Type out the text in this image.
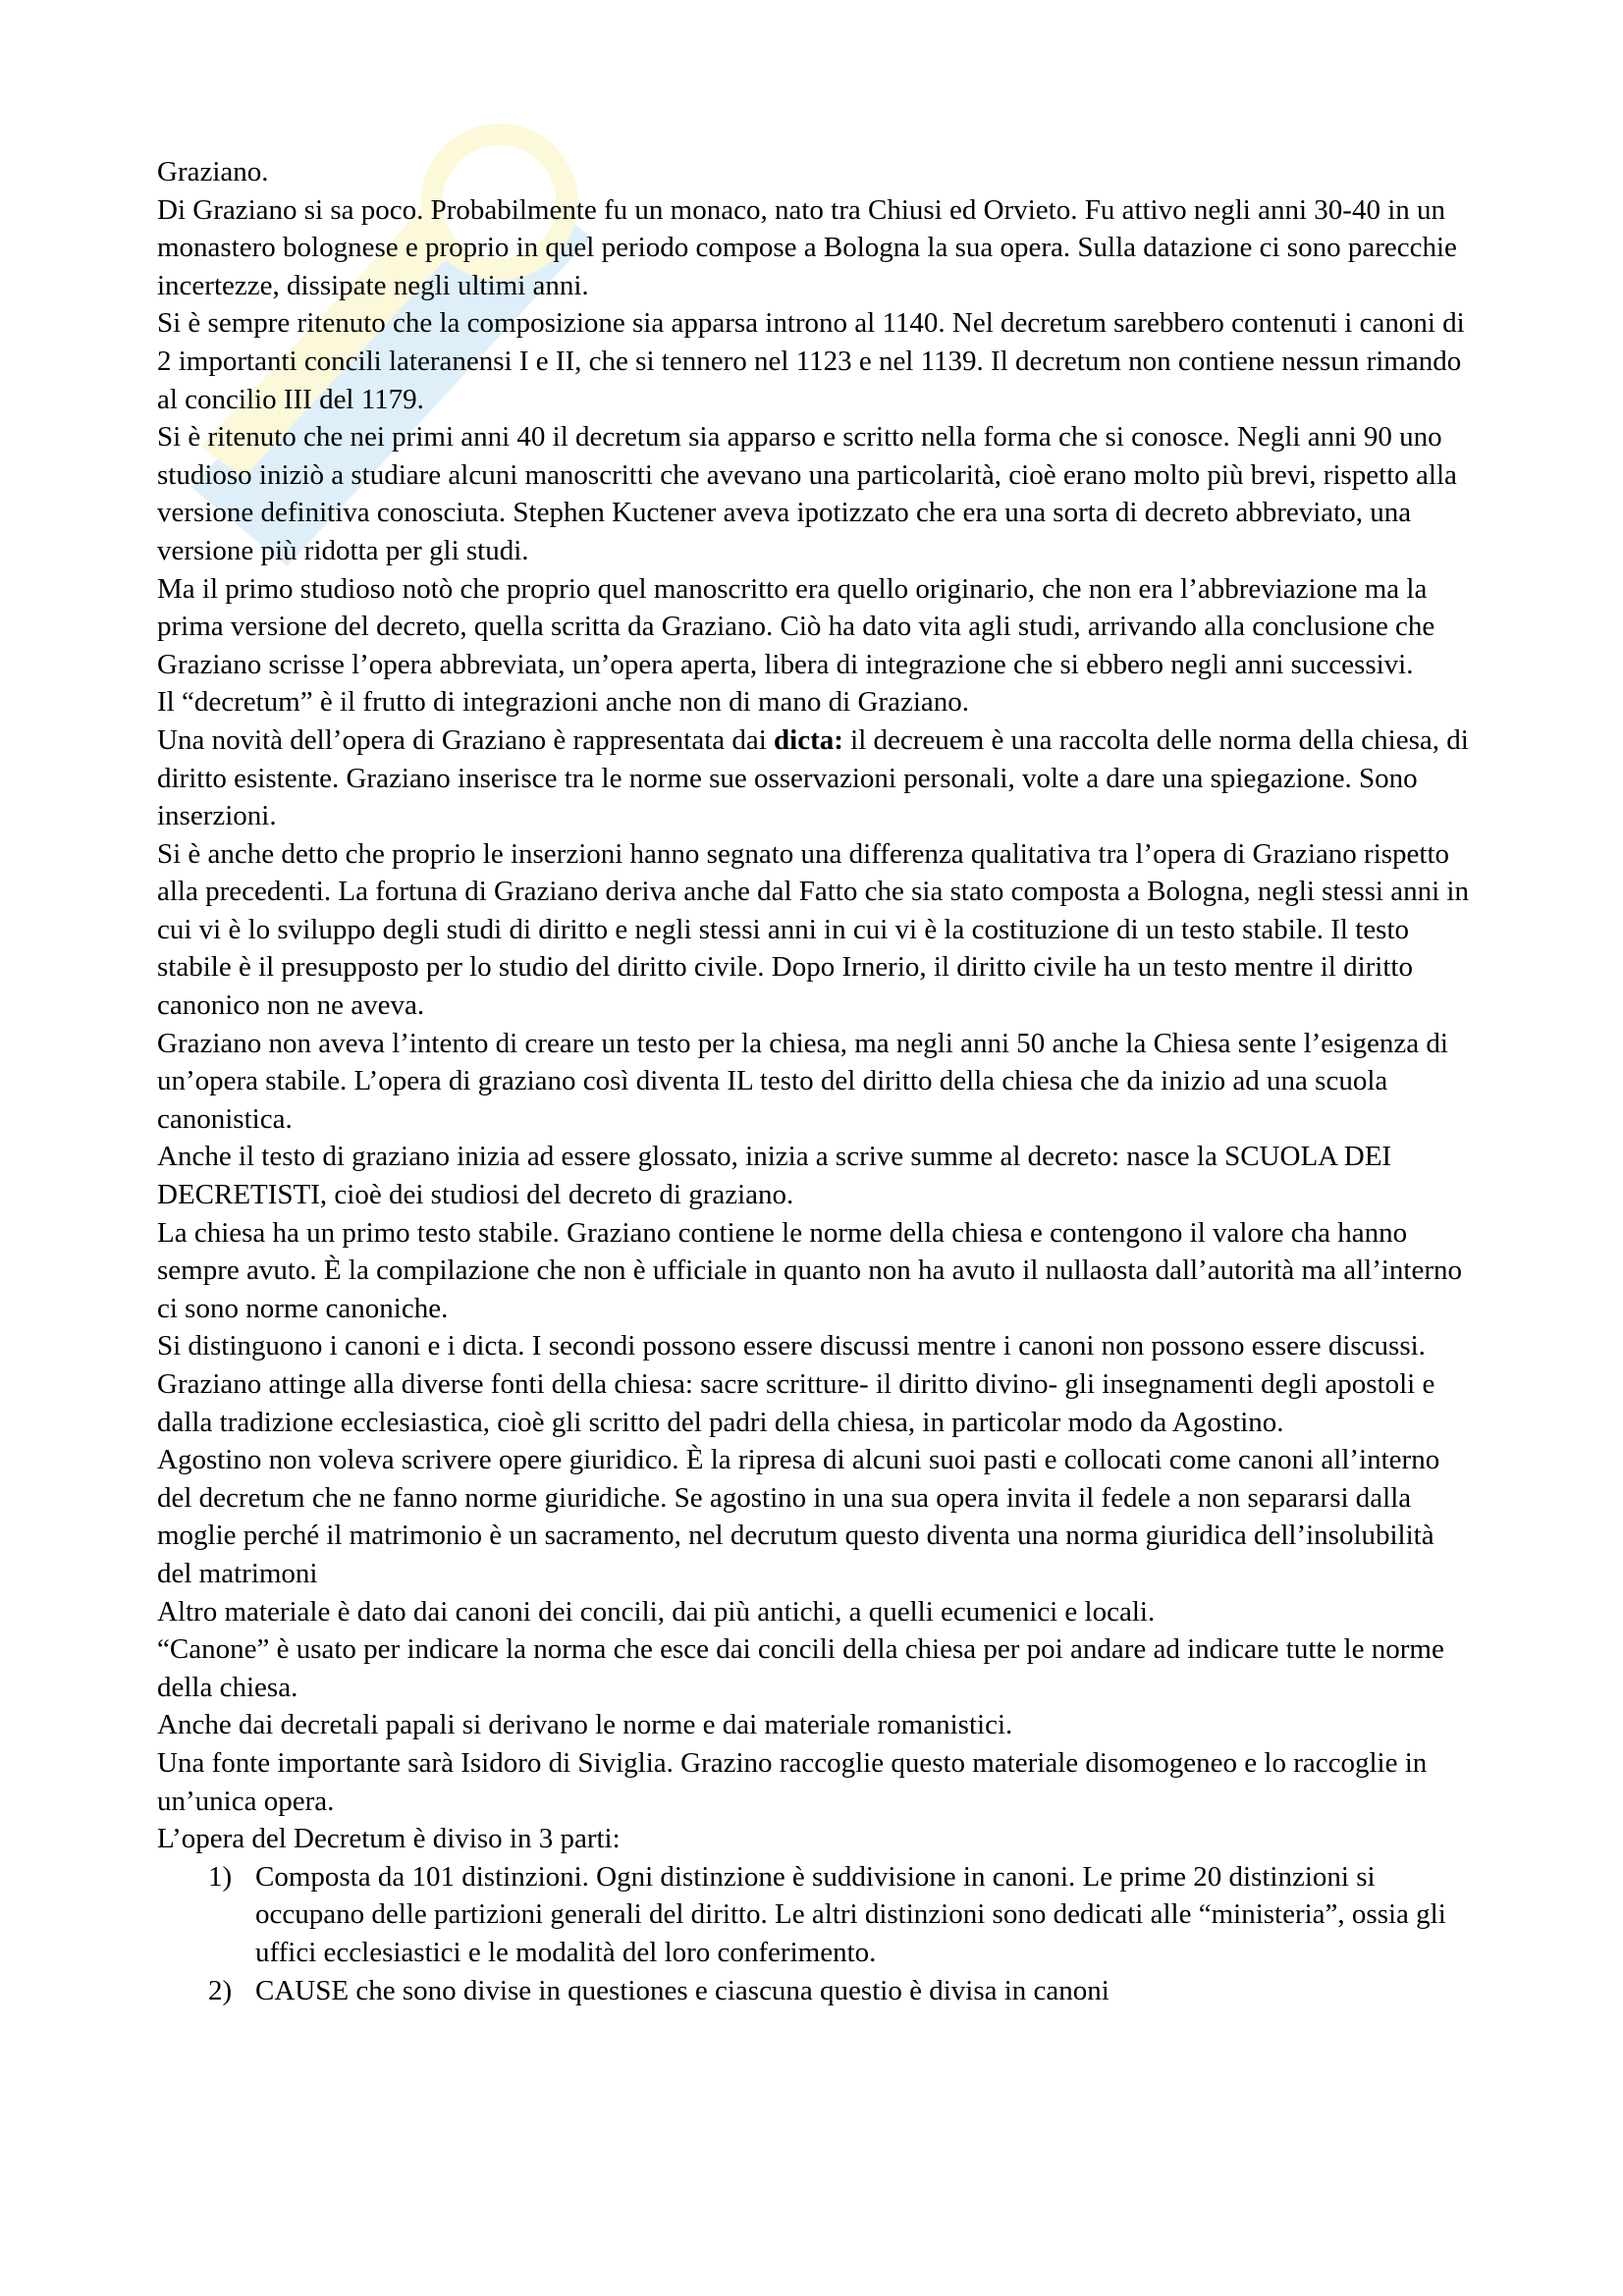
Graziano.

Di Graziano si sa poco. Probabilmente fu un monaco, nato tra Chiusi ed Orvieto. Fu attivo negli anni 30-40 in un monastero bolognese e proprio in quel periodo compose a Bologna la sua opera. Sulla datazione ci sono parecchie incertezze, dissipate negli ultimi anni.

Si è sempre ritenuto che la composizione sia apparsa introno al 1140. Nel decretum sarebbero contenuti i canoni di 2 importanti concili lateranensi I e II, che si tennero nel 1123 e nel 1139. Il decretum non contiene nessun rimando al concilio III del 1179.

Si è ritenuto che nei primi anni 40 il decretum sia apparso e scritto nella forma che si conosce. Negli anni 90 uno studioso iniziò a studiare alcuni manoscritti che avevano una particolarità, cioè erano molto più brevi, rispetto alla versione definitiva conosciuta. Stephen Kuctener aveva ipotizzato che era una sorta di decreto abbreviato, una versione più ridotta per gli studi.

Ma il primo studioso notò che proprio quel manoscritto era quello originario, che non era l’abbreviazione ma la prima versione del decreto, quella scritta da Graziano. Ciò ha dato vita agli studi, arrivando alla conclusione che Graziano scrisse l’opera abbreviata, un’opera aperta, libera di integrazione che si ebbero negli anni successivi.

Il “decretum” è il frutto di integrazioni anche non di mano di Graziano.

Una novità dell’opera di Graziano è rappresentata dai dicta: il decreuem è una raccolta delle norma della chiesa, di diritto esistente. Graziano inserisce tra le norme sue osservazioni personali, volte a dare una spiegazione. Sono inserzioni.

Si è anche detto che proprio le inserzioni hanno segnato una differenza qualitativa tra l’opera di Graziano rispetto alla precedenti. La fortuna di Graziano deriva anche dal Fatto che sia stato composta a Bologna, negli stessi anni in cui vi è lo sviluppo degli studi di diritto e negli stessi anni in cui vi è la costituzione di un testo stabile. Il testo stabile è il presupposto per lo studio del diritto civile. Dopo Irnerio, il diritto civile ha un testo mentre il diritto canonico non ne aveva.

Graziano non aveva l’intento di creare un testo per la chiesa, ma negli anni 50 anche la Chiesa sente l’esigenza di un’opera stabile. L’opera di graziano così diventa IL testo del diritto della chiesa che da inizio ad una scuola canonistica.

Anche il testo di graziano inizia ad essere glossato, inizia a scrive summe al decreto: nasce la SCUOLA DEI DECRETISTI, cioè dei studiosi del decreto di graziano.

La chiesa ha un primo testo stabile. Graziano contiene le norme della chiesa e contengono il valore cha hanno sempre avuto. È la compilazione che non è ufficiale in quanto non ha avuto il nullaosta dall’autorità ma all’interno ci sono norme canoniche.

Si distinguono i canoni e i dicta. I secondi possono essere discussi mentre i canoni non possono essere discussi.

Graziano attinge alla diverse fonti della chiesa: sacre scritture- il diritto divino- gli insegnamenti degli apostoli e dalla tradizione ecclesiastica, cioè gli scritto del padri della chiesa, in particolar modo da Agostino.

Agostino non voleva scrivere opere giuridico. È la ripresa di alcuni suoi pasti e collocati come canoni all’interno del decretum che ne fanno norme giuridiche. Se agostino in una sua opera invita il fedele a non separarsi dalla moglie perché il matrimonio è un sacramento, nel decrutum questo diventa una norma giuridica dell’insolubilità del matrimoni

Altro materiale è dato dai canoni dei concili, dai più antichi, a quelli ecumenici e locali.

“Canone” è usato per indicare la norma che esce dai concili della chiesa per poi andare ad indicare tutte le norme della chiesa.

Anche dai decretali papali si derivano le norme e dai materiale romanistici.

Una fonte importante sarà Isidoro di Siviglia. Grazino raccoglie questo materiale disomogeneo e lo raccoglie in un’unica opera.

L’opera del Decretum è diviso in 3 parti:

1) Composta da 101 distinzioni. Ogni distinzione è suddivisione in canoni. Le prime 20 distinzioni si occupano delle partizioni generali del diritto. Le altri distinzioni sono dedicati alle “ministeria”, ossia gli uffici ecclesiastici e le modalità del loro conferimento.
2) CAUSE che sono divise in questiones e ciascuna questio è divisa in canoni
